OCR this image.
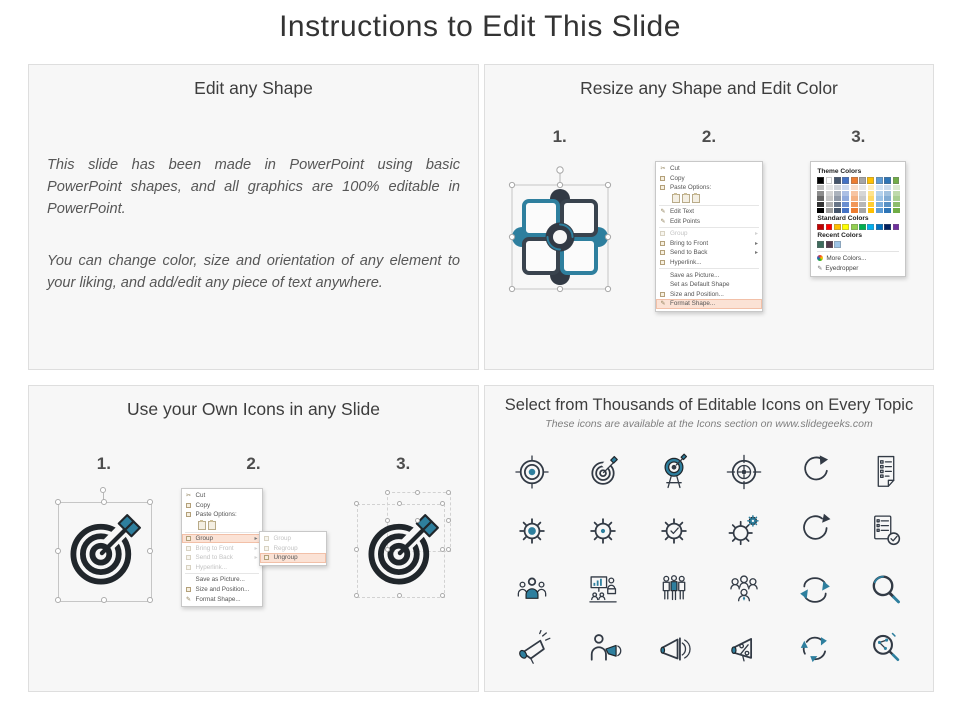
Instructions to Edit This Slide
Edit any Shape

This slide has been made in PowerPoint using basic PowerPoint shapes, and all graphics are 100% editable in PowerPoint.

You can change color, size and orientation of any element to your liking, and add/edit any piece of text anywhere.

Resize any Shape and Edit Color
1.	2.
✂ Cut
Copy
Paste Options:
✎ Edit Text
✎ Edit Points
Group	▸
Bring to Front	▸
Send to Back	▸
Hyperlink...
Save as Picture...
Set as Default Shape
Size and Position...
✎ Format Shape...
3.
Theme Colors
Standard Colors
Recent Colors
More Colors...
✎ Eyedropper
Use your Own Icons in any Slide
1.	2.
✂ Cut
Copy
Paste Options:
Group	▸
Bring to Front	▸
Send to Back	▸
Hyperlink...
Save as Picture...
Size and Position...
✎ Format Shape...
Group
Regroup
Ungroup
3.
Select from Thousands of Editable Icons on Every Topic
These icons are available at the Icons section on www.slidegeeks.com
